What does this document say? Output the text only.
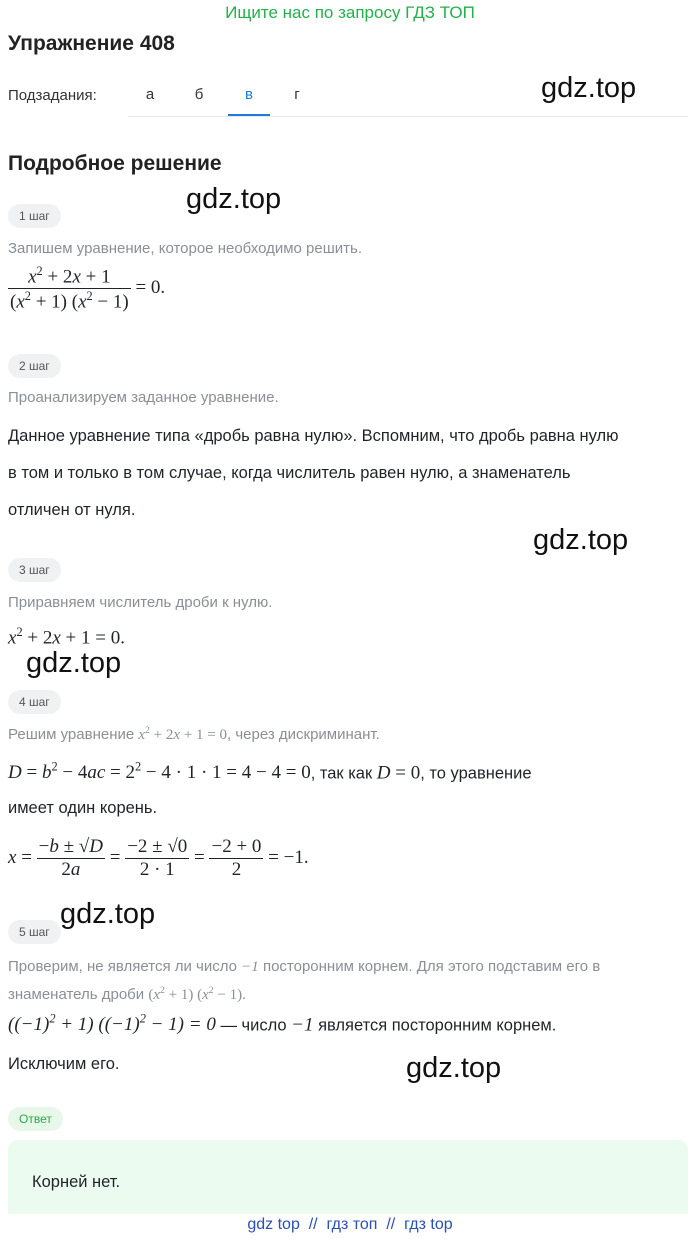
Ищите нас по запросу ГДЗ ТОП
Упражнение 408
Подзадания:	а	б	в	г	gdz.top
Подробное решение
gdz.top
1 шаг
Запишем уравнение, которое необходимо решить.
$\frac{x^2 + 2x + 1}{(x^2 + 1) (x^2 - 1)} = 0$.
2 шаг
Проанализируем заданное уравнение.
Данное уравнение типа «дробь равна нулю». Вспомним, что дробь равна нулю
в том и только в том случае, когда числитель равен нулю, а знаменатель
отличен от нуля.
gdz.top
3 шаг
Приравняем числитель дроби к нулю.
$x^2 + 2x + 1 = 0$.
gdz.top
4 шаг
Решим уравнение $x^2 + 2x + 1 = 0$, через дискриминант.
$D = b^2 - 4ac = 2^2 - 4 \cdot 1 \cdot 1 = 4 - 4 = 0$, так как D = 0, то уравнение
имеет один корень.
$x = \frac{-b \pm √D}{2a} = \frac{-2 \pm √0}{2 \cdot 1} = \frac{-2 + 0}{2} = -1$.
gdz.top
5 шаг
Проверим, не является ли число −1 посторонним корнем. Для этого подставим его в
знаменатель дроби $(x^2 + 1) (x^2 - 1)$.
$((-1)^2 + 1) ((-1)^2 - 1) = 0$ — число −1 является посторонним корнем.
Исключим его.	gdz.top
Ответ
Корней нет.
gdz top // гдз топ // гдз top
